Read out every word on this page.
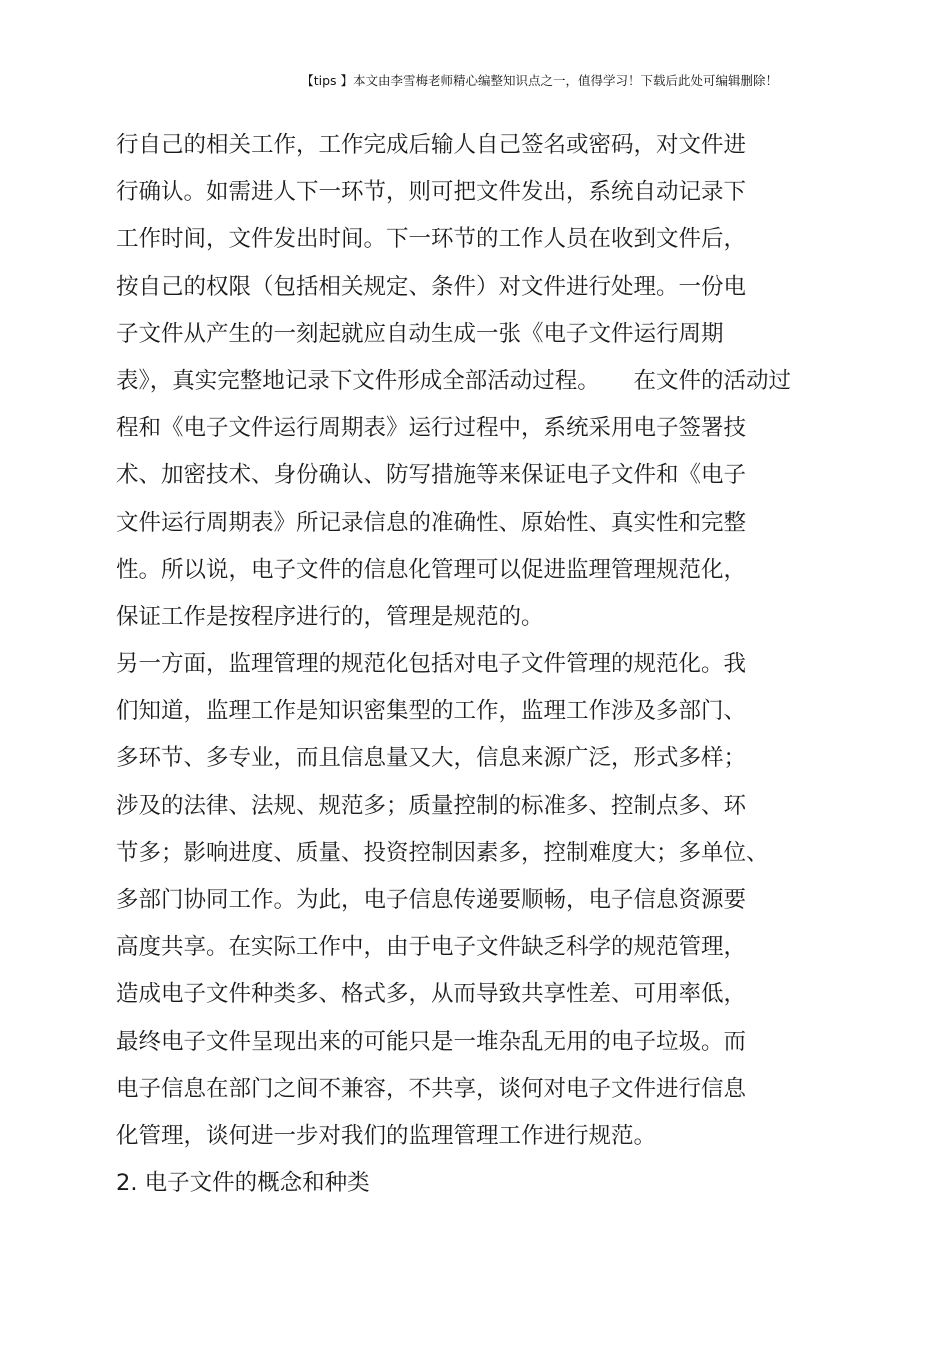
【tips 】本文由李雪梅老师精心编整知识点之一，值得学习！下载后此处可编辑删除！
行自己的相关工作，工作完成后输人自己签名或密码，对文件进
行确认。如需进人下一环节，则可把文件发出，系统自动记录下
工作时间，文件发出时间。下一环节的工作人员在收到文件后，
按自己的权限（包括相关规定、条件）对文件进行处理。一份电
子文件从产生的一刻起就应自动生成一张《电子文件运行周期
表》，真实完整地记录下文件形成全部活动过程。　　在文件的活动过
程和《电子文件运行周期表》运行过程中，系统采用电子签署技
术、加密技术、身份确认、防写措施等来保证电子文件和《电子
文件运行周期表》所记录信息的准确性、原始性、真实性和完整
性。所以说，电子文件的信息化管理可以促进监理管理规范化，
保证工作是按程序进行的，管理是规范的。
另一方面，监理管理的规范化包括对电子文件管理的规范化。我
们知道，监理工作是知识密集型的工作，监理工作涉及多部门、
多环节、多专业，而且信息量又大，信息来源广泛，形式多样；
涉及的法律、法规、规范多；质量控制的标准多、控制点多、环
节多；影响进度、质量、投资控制因素多，控制难度大；多单位、
多部门协同工作。为此，电子信息传递要顺畅，电子信息资源要
高度共享。在实际工作中，由于电子文件缺乏科学的规范管理，
造成电子文件种类多、格式多，从而导致共享性差、可用率低，
最终电子文件呈现出来的可能只是一堆杂乱无用的电子垃圾。而
电子信息在部门之间不兼容，不共享，谈何对电子文件进行信息
化管理，谈何进一步对我们的监理管理工作进行规范。
2. 电子文件的概念和种类
